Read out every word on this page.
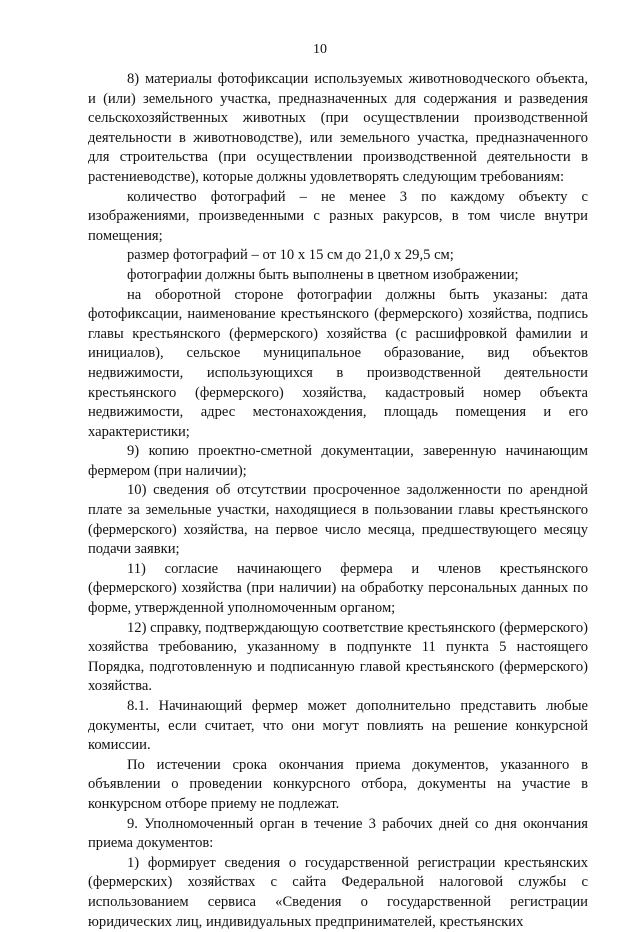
10

8) материалы фотофиксации используемых животноводческого объекта, и (или) земельного участка, предназначенных для содержания и разведения сельскохозяйственных животных (при осуществлении производственной деятельности в животноводстве), или земельного участка, предназначенного для строительства (при осуществлении производственной деятельности в растениеводстве), которые должны удовлетворять следующим требованиям:

количество фотографий – не менее 3 по каждому объекту с изображениями, произведенными с разных ракурсов, в том числе внутри помещения;

размер фотографий – от 10 х 15 см до 21,0 х 29,5 см;

фотографии должны быть выполнены в цветном изображении;

на оборотной стороне фотографии должны быть указаны: дата фотофиксации, наименование крестьянского (фермерского) хозяйства, подпись главы крестьянского (фермерского) хозяйства (с расшифровкой фамилии и инициалов), сельское муниципальное образование, вид объектов недвижимости, использующихся в производственной деятельности крестьянского (фермерского) хозяйства, кадастровый номер объекта недвижимости, адрес местонахождения, площадь помещения и его характеристики;

9) копию проектно-сметной документации, заверенную начинающим фермером (при наличии);

10) сведения об отсутствии просроченное задолженности по арендной плате за земельные участки, находящиеся в пользовании главы крестьянского (фермерского) хозяйства, на первое число месяца, предшествующего месяцу подачи заявки;

11) согласие начинающего фермера и членов крестьянского (фермерского) хозяйства (при наличии) на обработку персональных данных по форме, утвержденной уполномоченным органом;

12) справку, подтверждающую соответствие крестьянского (фермерского) хозяйства требованию, указанному в подпункте 11 пункта 5 настоящего Порядка, подготовленную и подписанную главой крестьянского (фермерского) хозяйства.

8.1. Начинающий фермер может дополнительно представить любые документы, если считает, что они могут повлиять на решение конкурсной комиссии.

По истечении срока окончания приема документов, указанного в объявлении о проведении конкурсного отбора, документы на участие в конкурсном отборе приему не подлежат.

9. Уполномоченный орган в течение 3 рабочих дней со дня окончания приема документов:

1) формирует сведения о государственной регистрации крестьянских (фермерских) хозяйствах с сайта Федеральной налоговой службы с использованием сервиса «Сведения о государственной регистрации юридических лиц, индивидуальных предпринимателей, крестьянских
